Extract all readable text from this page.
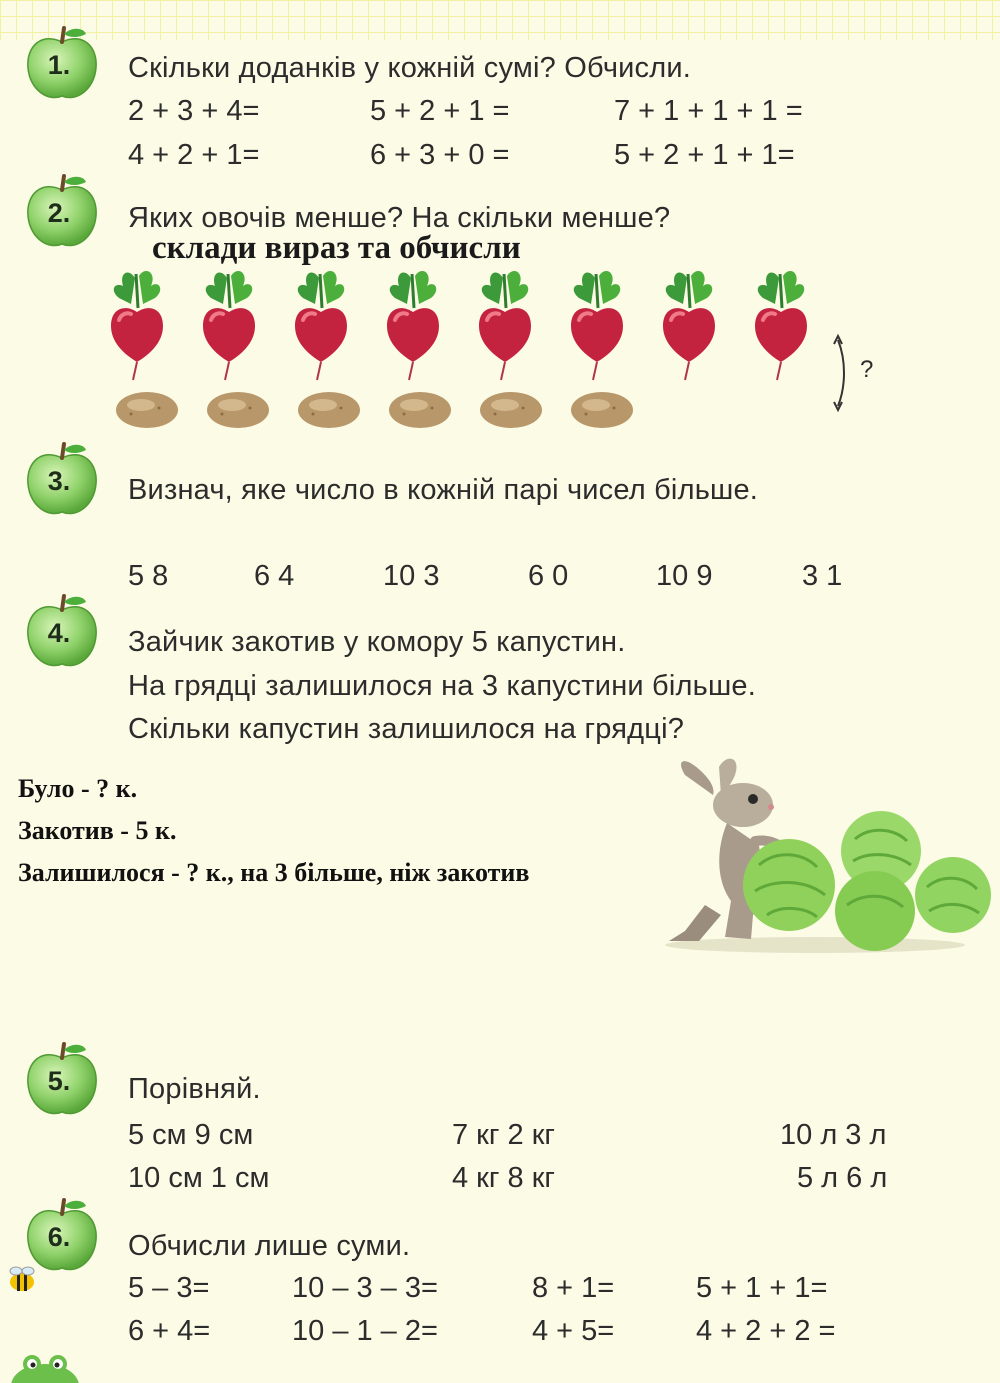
1.
2.
3.
4.
5.
6.
Скільки доданків у кожній сумі? Обчисли.
2 + 3 + 4=	5 + 2 + 1 =	7 + 1 + 1 + 1 =
4 + 2 + 1=	6 + 3 + 0 =	5 + 2 + 1 + 1=
Яких овочів менше? На скільки менше?
склади вираз та обчисли
?
Визнач, яке число в кожній парі чисел більше.
5 8	6 4	10 3	6 0	10 9	3 1
Зайчик закотив у комору 5 капустин.
На грядці залишилося на 3 капустини більше.
Скільки капустин залишилося на грядці?
Було - ? к.
Закотив - 5 к.
Залишилося - ? к., на 3 більше, ніж закотив
Порівняй.
5 см 9 см	7 кг 2 кг	10 л 3 л
10 см 1 см	4 кг 8 кг	5 л 6 л
Обчисли лише суми.
5 – 3=	10 – 3 – 3=	8 + 1=	5 + 1 + 1=
6 + 4=	10 – 1 – 2=	4 + 5=	4 + 2 + 2 =
